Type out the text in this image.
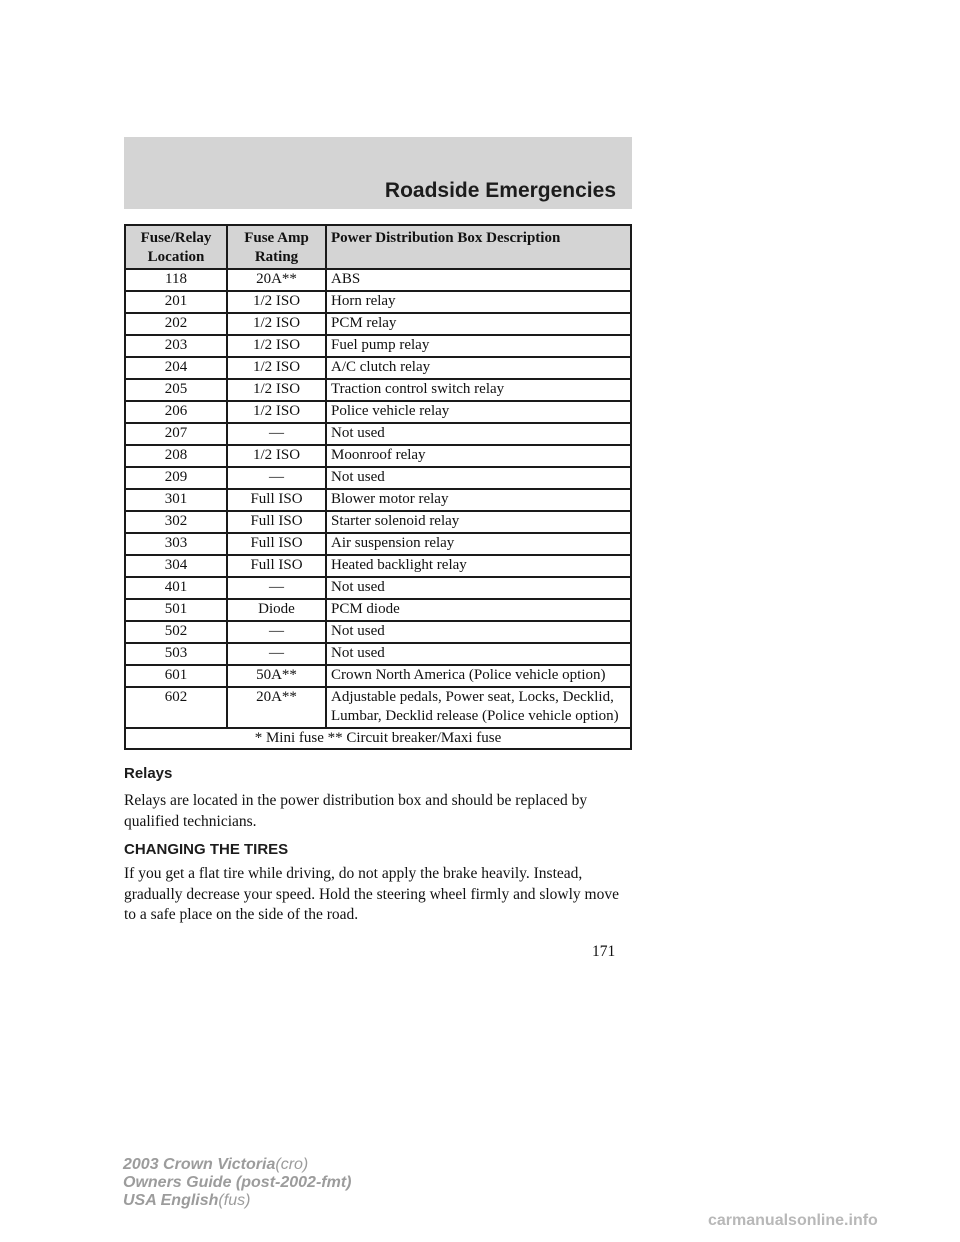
Roadside Emergencies
Fuse/Relay Location	Fuse Amp Rating	Power Distribution Box Description
118	20A**	ABS
201	1/2 ISO	Horn relay
202	1/2 ISO	PCM relay
203	1/2 ISO	Fuel pump relay
204	1/2 ISO	A/C clutch relay
205	1/2 ISO	Traction control switch relay
206	1/2 ISO	Police vehicle relay
207	—	Not used
208	1/2 ISO	Moonroof relay
209	—	Not used
301	Full ISO	Blower motor relay
302	Full ISO	Starter solenoid relay
303	Full ISO	Air suspension relay
304	Full ISO	Heated backlight relay
401	—	Not used
501	Diode	PCM diode
502	—	Not used
503	—	Not used
601	50A**	Crown North America (Police vehicle option)
602	20A**	Adjustable pedals, Power seat, Locks, Decklid, Lumbar, Decklid release (Police vehicle option)
* Mini fuse ** Circuit breaker/Maxi fuse		
Relays

Relays are located in the power distribution box and should be replaced by qualified technicians.

CHANGING THE TIRES

If you get a flat tire while driving, do not apply the brake heavily. Instead, gradually decrease your speed. Hold the steering wheel firmly and slowly move to a safe place on the side of the road.

171

2003 Crown Victoria(cro)
Owners Guide (post-2002-fmt)
USA English(fus)
carmanualsonline.info
